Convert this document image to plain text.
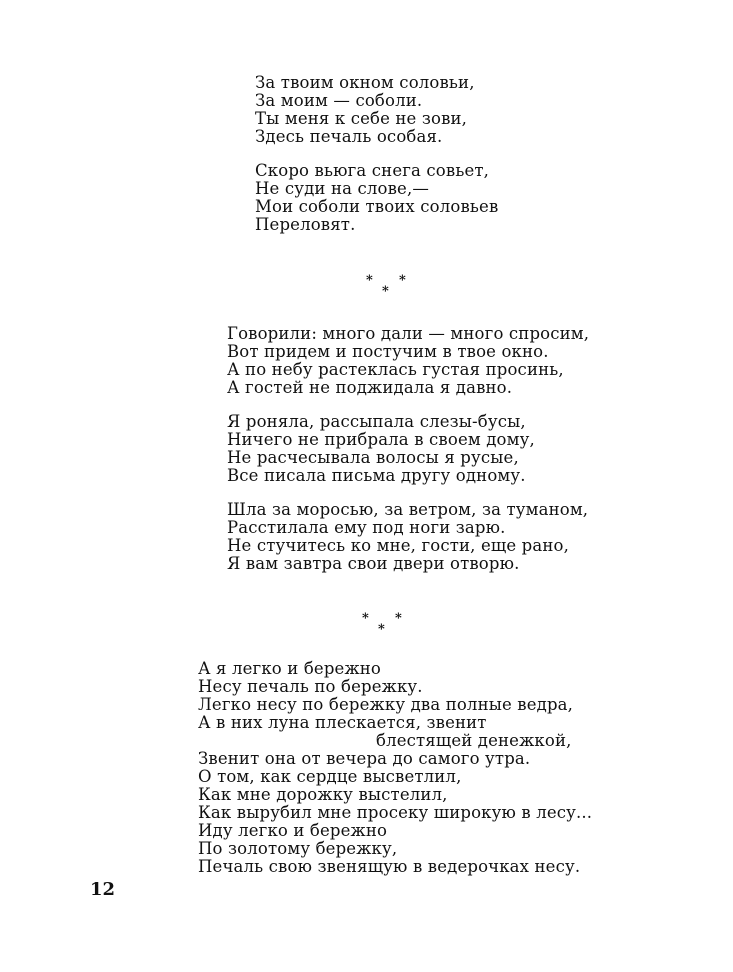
За твоим окном соловьи,
За моим — соболи.
Ты меня к себе не зови,
Здесь печаль особая.
Скоро вьюга снега совьет,
Не суди на слове,—
Мои соболи твоих соловьев
Переловят.
* *
*
Говорили: много дали — много спросим,
Вот придем и постучим в твое окно.
А по небу растеклась густая просинь,
А гостей не поджидала я давно.
Я роняла, рассыпала слезы-бусы,
Ничего не прибрала в своем дому,
Не расчесывала волосы я русые,
Все писала письма другу одному.
Шла за моросью, за ветром, за туманом,
Расстилала ему под ноги зарю.
Не стучитесь ко мне, гости, еще рано,
Я вам завтра свои двери отворю.
* *
*
А я легко и бережно
Несу печаль по бережку.
Легко несу по бережку два полные ведра,
А в них луна плескается, звенит
блестящей денежкой,
Звенит она от вечера до самого утра.
О том, как сердце высветлил,
Как мне дорожку выстелил,
Как вырубил мне просеку широкую в лесу...
Иду легко и бережно
По золотому бережку,
Печаль свою звенящую в ведерочках несу.
12
